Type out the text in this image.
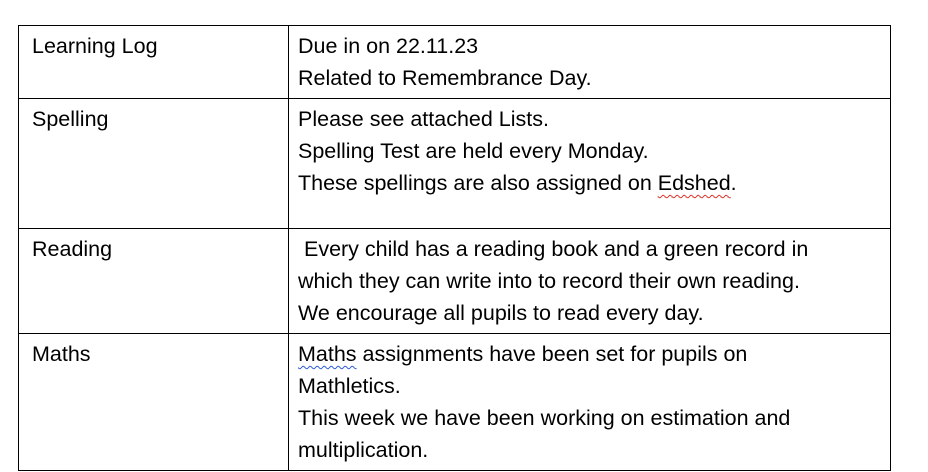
Learning Log	Due in on 22.11.23
Related to Remembrance Day.

Spelling	Please see attached Lists.
Spelling Test are held every Monday.
These spellings are also assigned on Edshed.

Reading	Every child has a reading book and a green record in
which they can write into to record their own reading.
We encourage all pupils to read every day.

Maths	Maths assignments have been set for pupils on
Mathletics.
This week we have been working on estimation and
multiplication.
